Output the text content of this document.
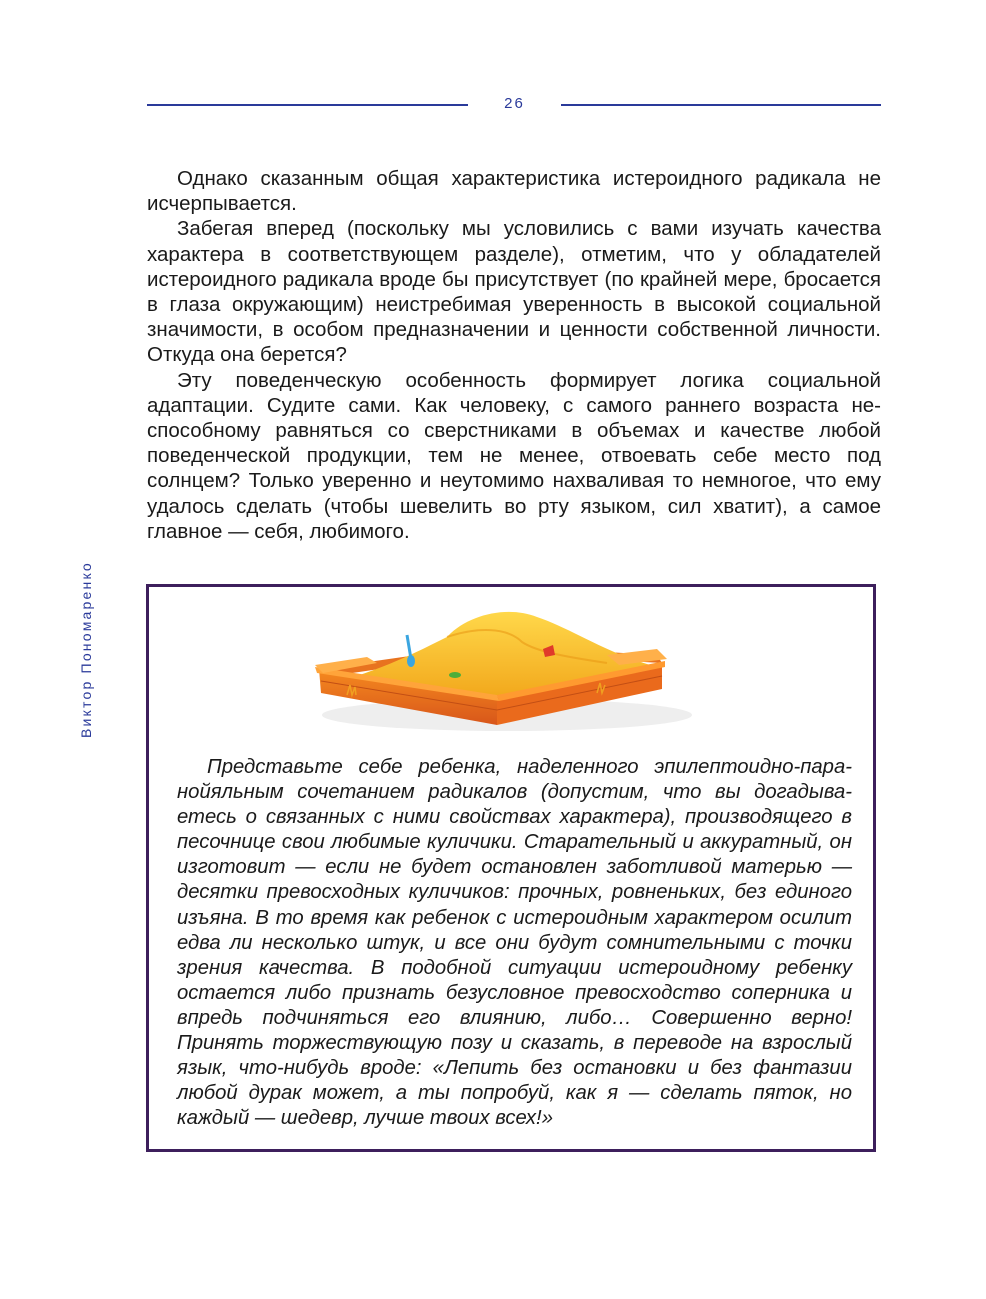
26
Виктор Пономаренко

Однако сказанным общая характеристика истероидного радикала не исчерпывается.

Забегая вперед (поскольку мы условились с вами изучать качества характера в соответствующем разделе), отметим, что у обладателей истероидного радикала вроде бы присутствует (по крайней мере, бросается в глаза окружающим) неистребимая уверенность в высокой социальной значимости, в особом предназначении и ценности собственной личности. Откуда она берется?

Эту поведенческую особенность формирует логика социальной адаптации. Судите сами. Как человеку, с самого раннего возраста неспособному равняться со сверстниками в объемах и качестве любой поведенческой продукции, тем не менее, отвоевать себе место под солнцем? Только уверенно и неутомимо нахваливая то немногое, что ему удалось сделать (чтобы шевелить во рту языком, сил хватит), а самое главное — себя, любимого.

Представьте себе ребенка, наделенного эпилептоидно-паранойяльным сочетанием радикалов (допустим, что вы догадываетесь о связанных с ними свойствах характера), производящего в песочнице свои любимые куличики. Старательный и аккуратный, он изготовит — если не будет остановлен заботливой матерью — десятки превосходных куличиков: прочных, ровненьких, без единого изъяна. В то время как ребенок с истероидным характером осилит едва ли несколько штук, и все они будут сомнительными с точки зрения качества. В подобной ситуации истероидному ребенку остается либо признать безусловное превосходство соперника и впредь подчиняться его влиянию, либо… Совершенно верно! Принять торжествующую позу и сказать, в переводе на взрослый язык, что-нибудь вроде: «Лепить без остановки и без фантазии любой дурак может, а ты попробуй, как я — сделать пяток, но каждый — шедевр, лучше твоих всех!»
